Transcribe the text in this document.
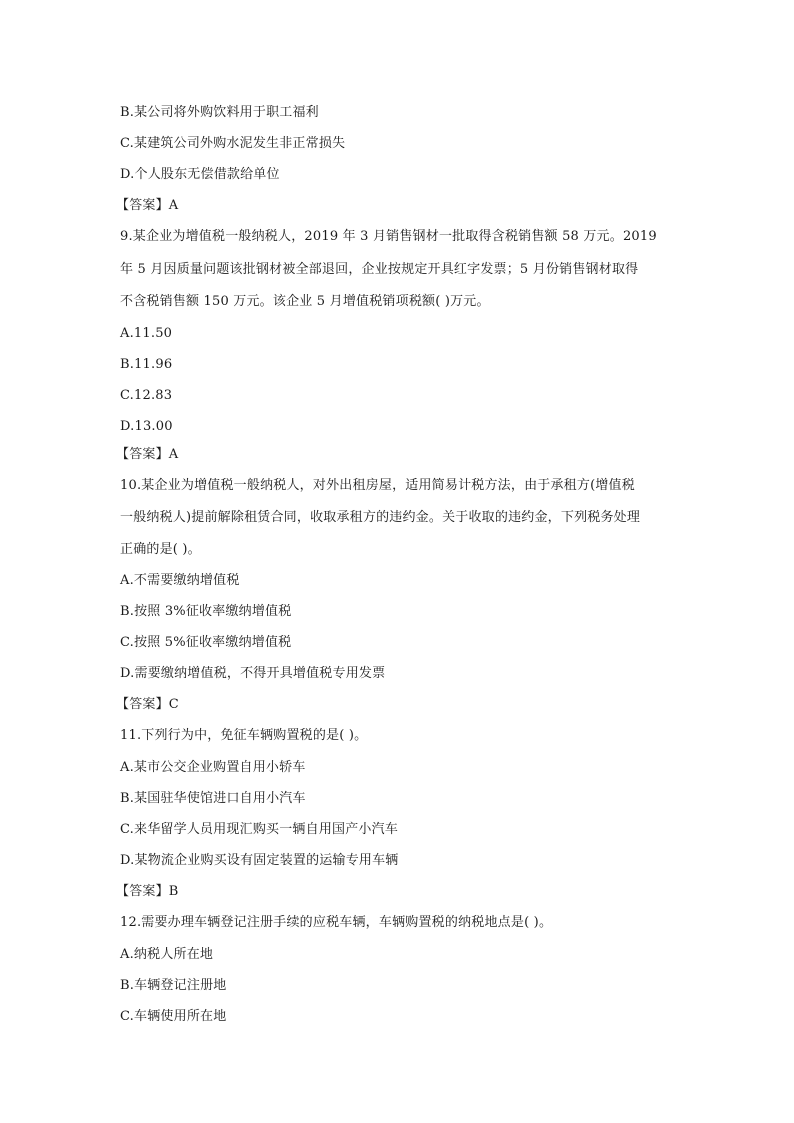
B.某公司将外购饮料用于职工福利
C.某建筑公司外购水泥发生非正常损失
D.个人股东无偿借款给单位
【答案】A
9.某企业为增值税一般纳税人，2019 年 3 月销售钢材一批取得含税销售额 58 万元。2019
年 5 月因质量问题该批钢材被全部退回，企业按规定开具红字发票；5 月份销售钢材取得
不含税销售额 150 万元。该企业 5 月增值税销项税额( )万元。
A.11.50
B.11.96
C.12.83
D.13.00
【答案】A
10.某企业为增值税一般纳税人，对外出租房屋，适用简易计税方法，由于承租方(增值税
一般纳税人)提前解除租赁合同，收取承租方的违约金。关于收取的违约金，下列税务处理
正确的是( )。
A.不需要缴纳增值税
B.按照 3%征收率缴纳增值税
C.按照 5%征收率缴纳增值税
D.需要缴纳增值税，不得开具增值税专用发票
【答案】C
11.下列行为中，免征车辆购置税的是( )。
A.某市公交企业购置自用小轿车
B.某国驻华使馆进口自用小汽车
C.来华留学人员用现汇购买一辆自用国产小汽车
D.某物流企业购买设有固定装置的运输专用车辆
【答案】B
12.需要办理车辆登记注册手续的应税车辆，车辆购置税的纳税地点是( )。
A.纳税人所在地
B.车辆登记注册地
C.车辆使用所在地
